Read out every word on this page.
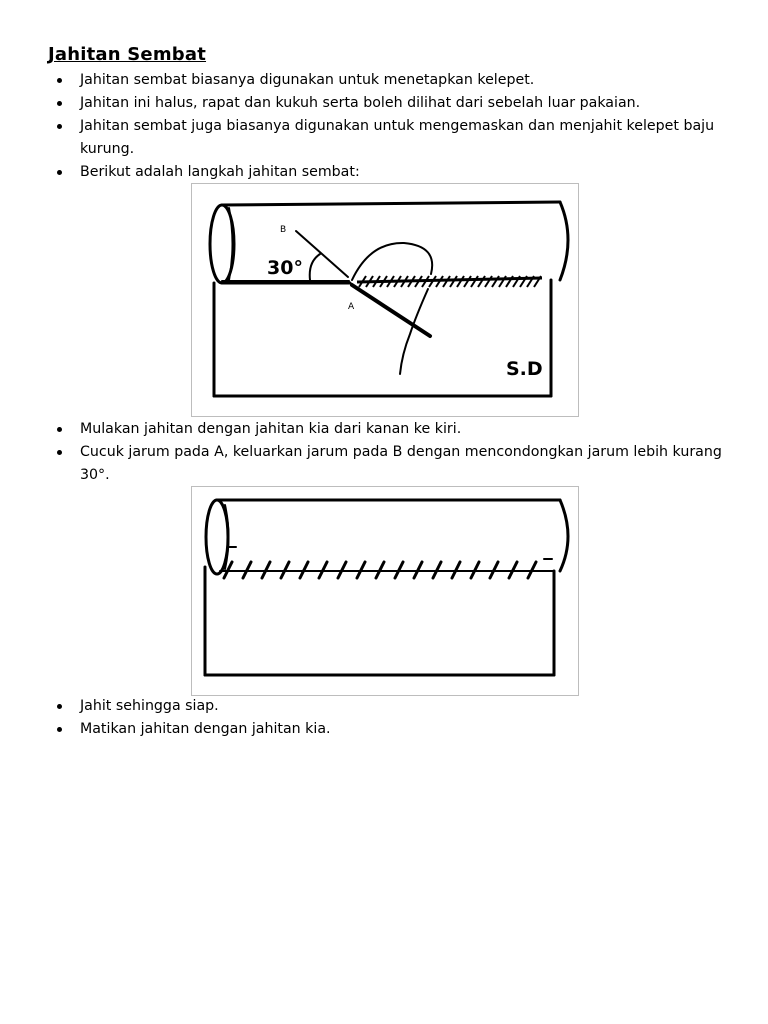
Jahitan Sembat
Jahitan sembat biasanya digunakan untuk menetapkan kelepet.
Jahitan ini halus, rapat dan kukuh serta boleh dilihat dari sebelah luar pakaian.
Jahitan sembat juga biasanya digunakan untuk mengemaskan dan menjahit kelepet baju kurung.
Berikut adalah langkah jahitan sembat:
B
A
30°
S.D
Mulakan jahitan dengan jahitan kia dari kanan ke kiri.
Cucuk jarum pada A, keluarkan jarum pada B dengan mencondongkan jarum lebih kurang 30°.
Jahit sehingga siap.
Matikan jahitan dengan jahitan kia.
